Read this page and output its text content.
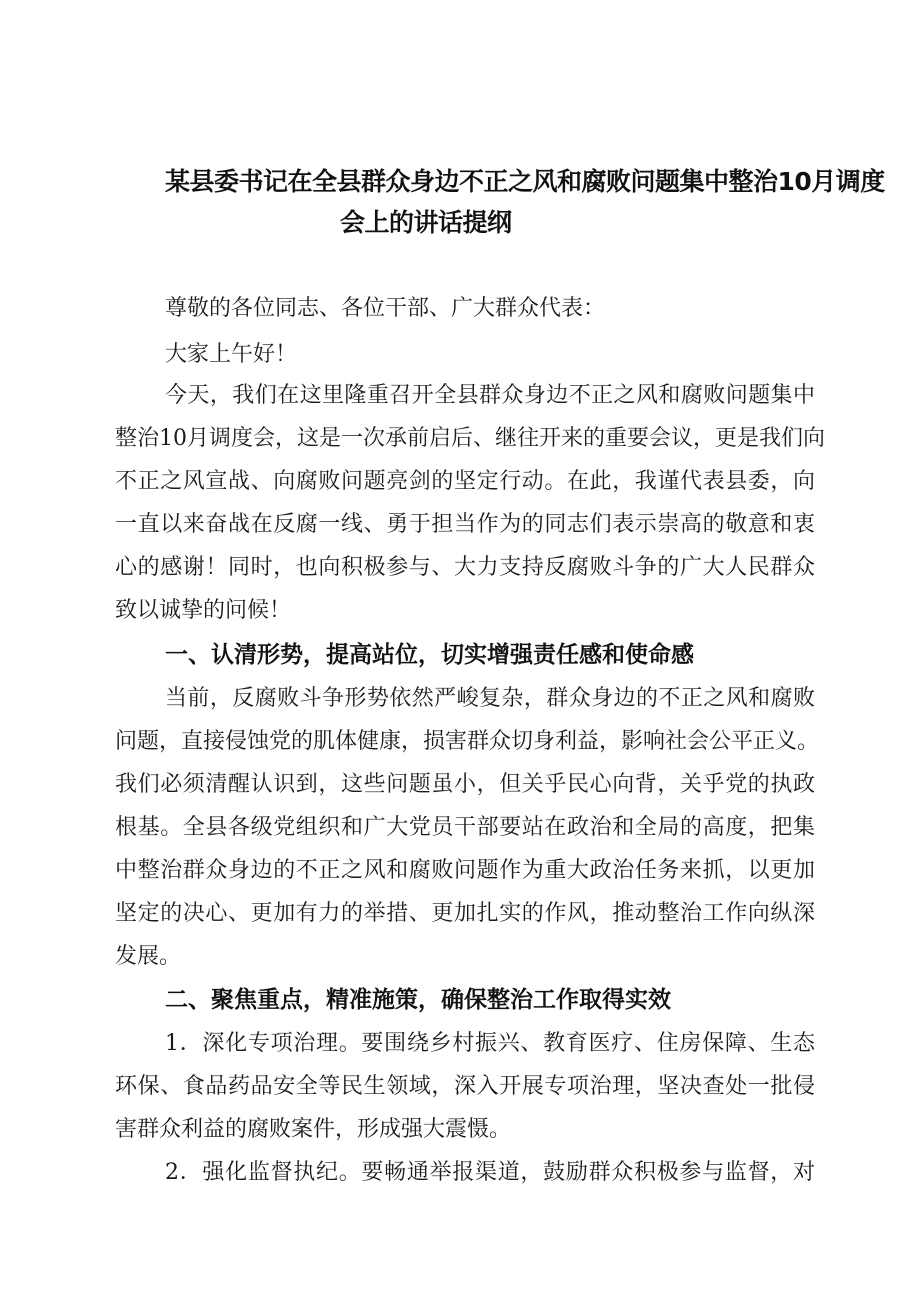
某县委书记在全县群众身边不正之风和腐败问题集中整治10月调度
会上的讲话提纲
尊敬的各位同志、各位干部、广大群众代表：
大家上午好！
今天，我们在这里隆重召开全县群众身边不正之风和腐败问题集中
整治10月调度会，这是一次承前启后、继往开来的重要会议，更是我们向
不正之风宣战、向腐败问题亮剑的坚定行动。在此，我谨代表县委，向
一直以来奋战在反腐一线、勇于担当作为的同志们表示崇高的敬意和衷
心的感谢！同时，也向积极参与、大力支持反腐败斗争的广大人民群众
致以诚挚的问候！
一、认清形势，提高站位，切实增强责任感和使命感
当前，反腐败斗争形势依然严峻复杂，群众身边的不正之风和腐败
问题，直接侵蚀党的肌体健康，损害群众切身利益，影响社会公平正义。
我们必须清醒认识到，这些问题虽小，但关乎民心向背，关乎党的执政
根基。全县各级党组织和广大党员干部要站在政治和全局的高度，把集
中整治群众身边的不正之风和腐败问题作为重大政治任务来抓，以更加
坚定的决心、更加有力的举措、更加扎实的作风，推动整治工作向纵深
发展。
二、聚焦重点，精准施策，确保整治工作取得实效
1．深化专项治理。要围绕乡村振兴、教育医疗、住房保障、生态
环保、食品药品安全等民生领域，深入开展专项治理，坚决查处一批侵
害群众利益的腐败案件，形成强大震慑。
2．强化监督执纪。要畅通举报渠道，鼓励群众积极参与监督，对
